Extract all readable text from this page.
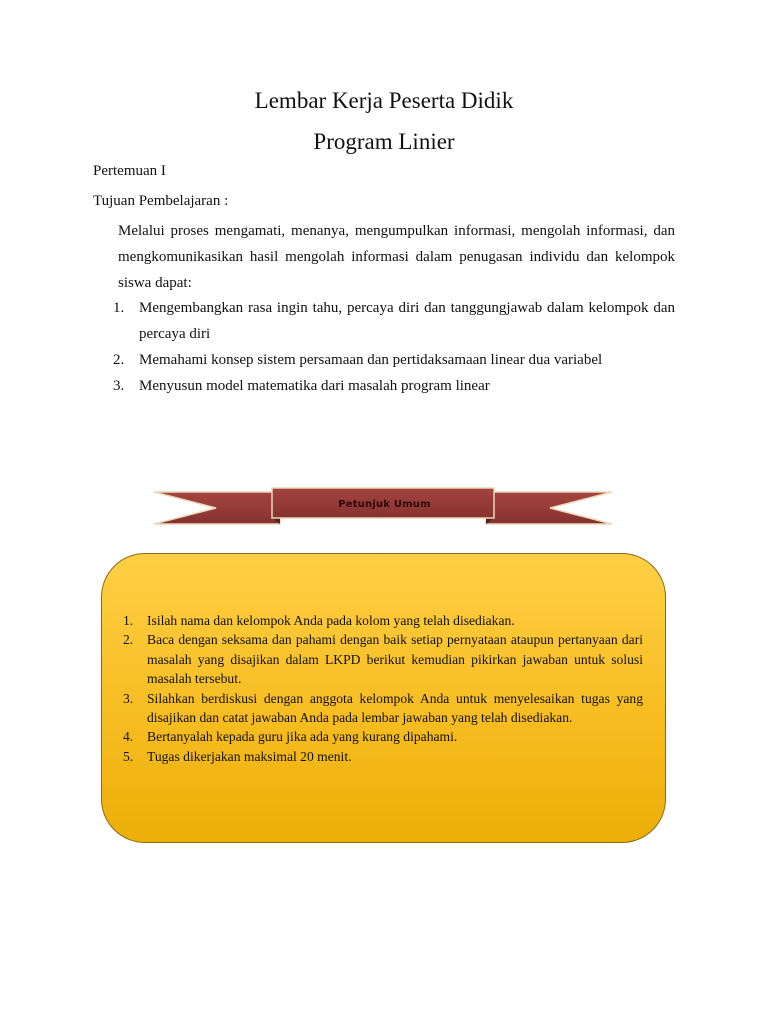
Lembar Kerja Peserta Didik
Program Linier

Pertemuan I

Tujuan Pembelajaran :

Melalui proses mengamati, menanya, mengumpulkan informasi, mengolah informasi, dan mengkomunikasikan hasil mengolah informasi dalam penugasan individu dan kelompok siswa dapat:

1. Mengembangkan rasa ingin tahu, percaya diri dan tanggungjawab dalam kelompok dan percaya diri
2. Memahami konsep sistem persamaan dan pertidaksamaan linear dua variabel
3. Menyusun model matematika dari masalah program linear
Petunjuk Umum
1.	Isilah nama dan kelompok Anda pada kolom yang telah disediakan.
2.	Baca dengan seksama dan pahami dengan baik setiap pernyataan ataupun pertanyaan dari masalah yang disajikan dalam LKPD berikut kemudian pikirkan jawaban untuk solusi masalah tersebut.
3.	Silahkan berdiskusi dengan anggota kelompok Anda untuk menyelesaikan tugas yang disajikan dan catat jawaban Anda pada lembar jawaban yang telah disediakan.
4.	Bertanyalah kepada guru jika ada yang kurang dipahami.
5.	Tugas dikerjakan maksimal 20 menit.
